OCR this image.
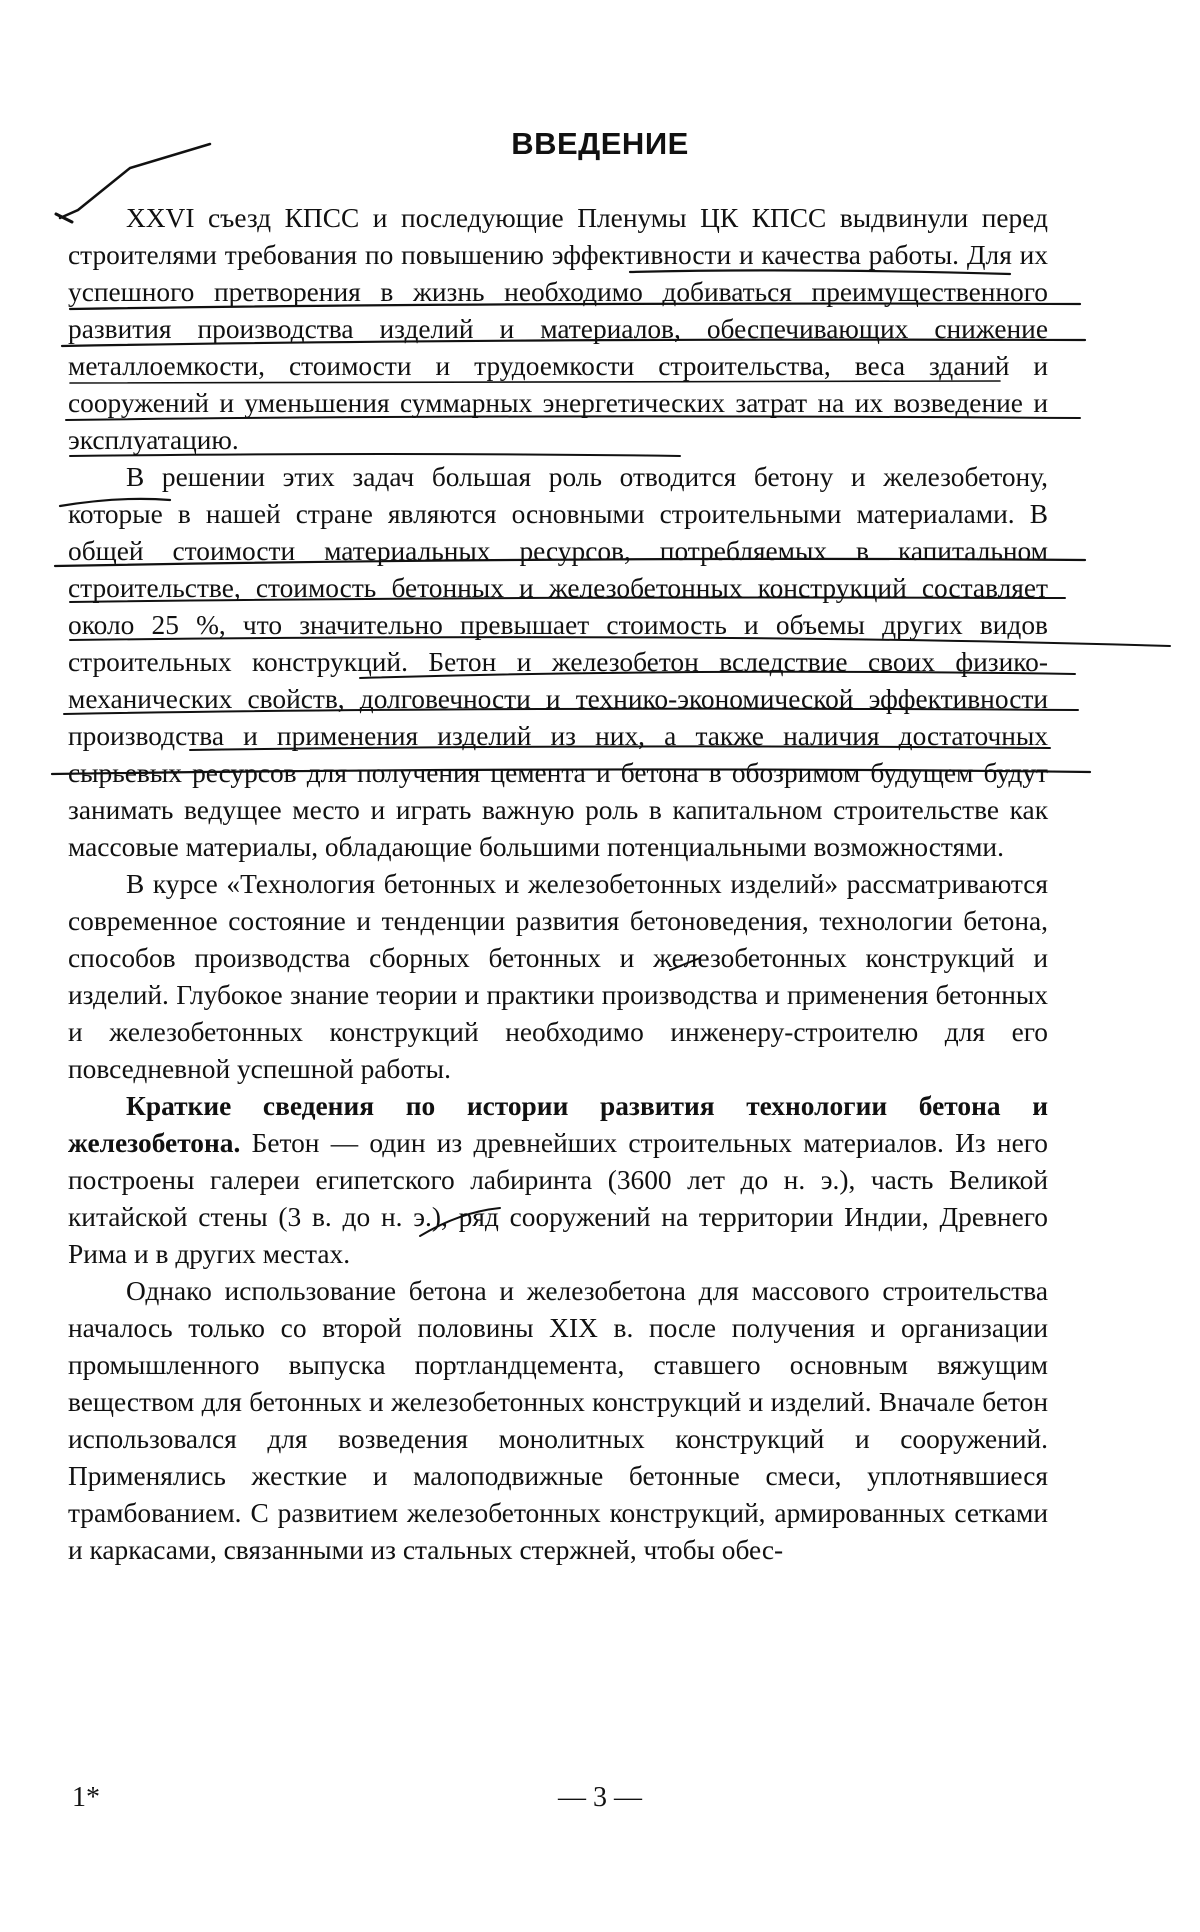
ВВЕДЕНИЕ

XXVI съезд КПСС и последующие Пленумы ЦК КПСС выдвинули перед строителями требования по повышению эффективности и качества работы. Для их успешного претворения в жизнь необходимо добиваться преимущественного развития производства изделий и материалов, обеспечивающих снижение металлоемкости, стоимости и трудоемкости строительства, веса зданий и сооружений и уменьшения суммарных энергетических затрат на их возведение и эксплуатацию.

В решении этих задач большая роль отводится бетону и железобетону, которые в нашей стране являются основными строительными материалами. В общей стоимости материальных ресурсов, потребляемых в капитальном строительстве, стоимость бетонных и железобетонных конструкций составляет около 25 %, что значительно превышает стоимость и объемы других видов строительных конструкций. Бетон и железобетон вследствие своих физико-механических свойств, долговечности и технико-экономической эффективности производства и применения изделий из них, а также наличия достаточных сырьевых ресурсов для получения цемента и бетона в обозримом будущем будут занимать ведущее место и играть важную роль в капитальном строительстве как массовые материалы, обладающие большими потенциальными возможностями.

В курсе «Технология бетонных и железобетонных изделий» рассматриваются современное состояние и тенденции развития бетоноведения, технологии бетона, способов производства сборных бетонных и железобетонных конструкций и изделий. Глубокое знание теории и практики производства и применения бетонных и железобетонных конструкций необходимо инженеру-строителю для его повседневной успешной работы.

Краткие сведения по истории развития технологии бетона и железобетона. Бетон — один из древнейших строительных материалов. Из него построены галереи египетского лабиринта (3600 лет до н. э.), часть Великой китайской стены (3 в. до н. э.), ряд сооружений на территории Индии, Древнего Рима и в других местах.

Однако использование бетона и железобетона для массового строительства началось только со второй половины XIX в. после получения и организации промышленного выпуска портландцемента, ставшего основным вяжущим веществом для бетонных и железобетонных конструкций и изделий. Вначале бетон использовался для возведения монолитных конструкций и сооружений. Применялись жесткие и малоподвижные бетонные смеси, уплотнявшиеся трамбованием. С развитием железобетонных конструкций, армированных сетками и каркасами, связанными из стальных стержней, чтобы обес-

1*	— 3 —
